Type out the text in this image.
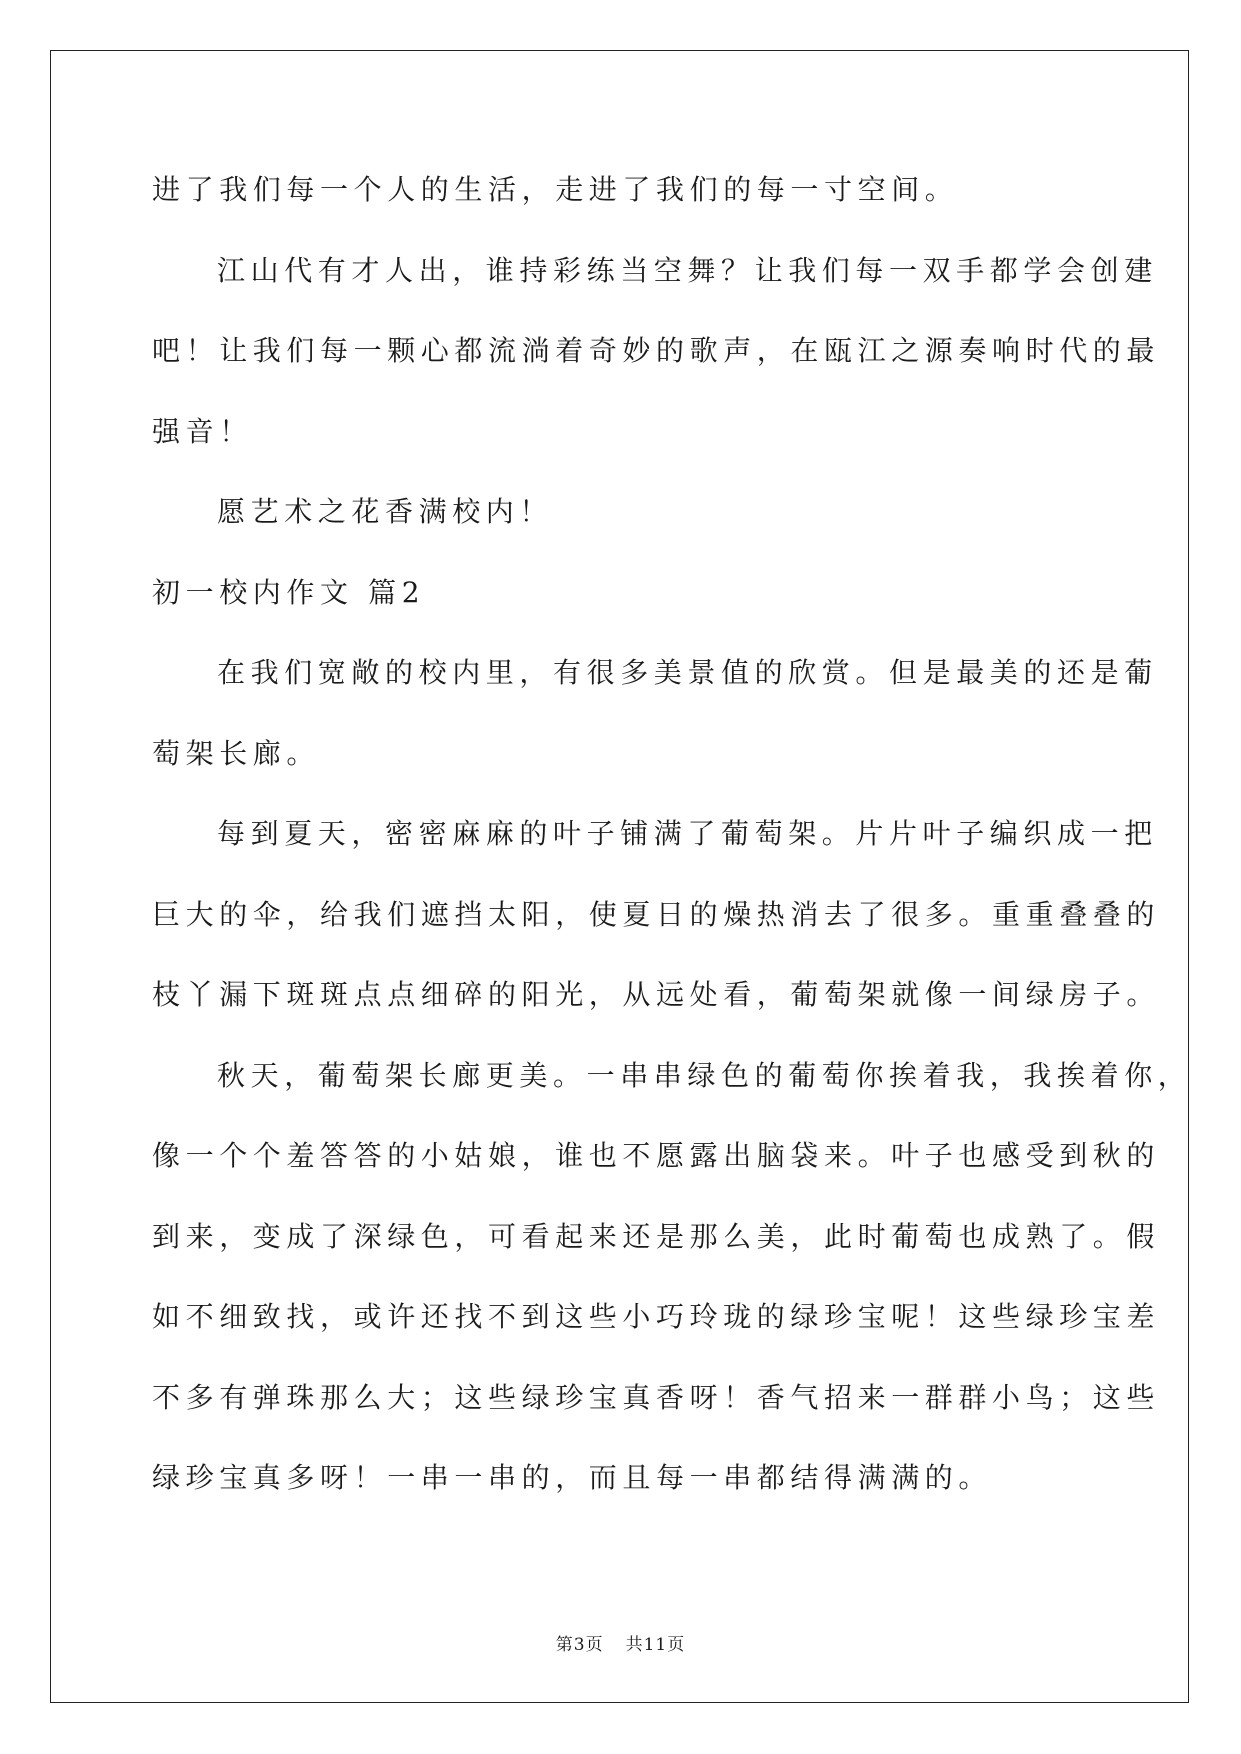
进了我们每一个人的生活，走进了我们的每一寸空间。
江山代有才人出，谁持彩练当空舞？让我们每一双手都学会创建
吧！让我们每一颗心都流淌着奇妙的歌声，在瓯江之源奏响时代的最
强音！
愿艺术之花香满校内！
初一校内作文 篇2
在我们宽敞的校内里，有很多美景值的欣赏。但是最美的还是葡
萄架长廊。
每到夏天，密密麻麻的叶子铺满了葡萄架。片片叶子编织成一把
巨大的伞，给我们遮挡太阳，使夏日的燥热消去了很多。重重叠叠的
枝丫漏下斑斑点点细碎的阳光，从远处看，葡萄架就像一间绿房子。
秋天，葡萄架长廊更美。一串串绿色的葡萄你挨着我，我挨着你，
像一个个羞答答的小姑娘，谁也不愿露出脑袋来。叶子也感受到秋的
到来，变成了深绿色，可看起来还是那么美，此时葡萄也成熟了。假
如不细致找，或许还找不到这些小巧玲珑的绿珍宝呢！这些绿珍宝差
不多有弹珠那么大；这些绿珍宝真香呀！香气招来一群群小鸟；这些
绿珍宝真多呀！一串一串的，而且每一串都结得满满的。
第3页 共11页
